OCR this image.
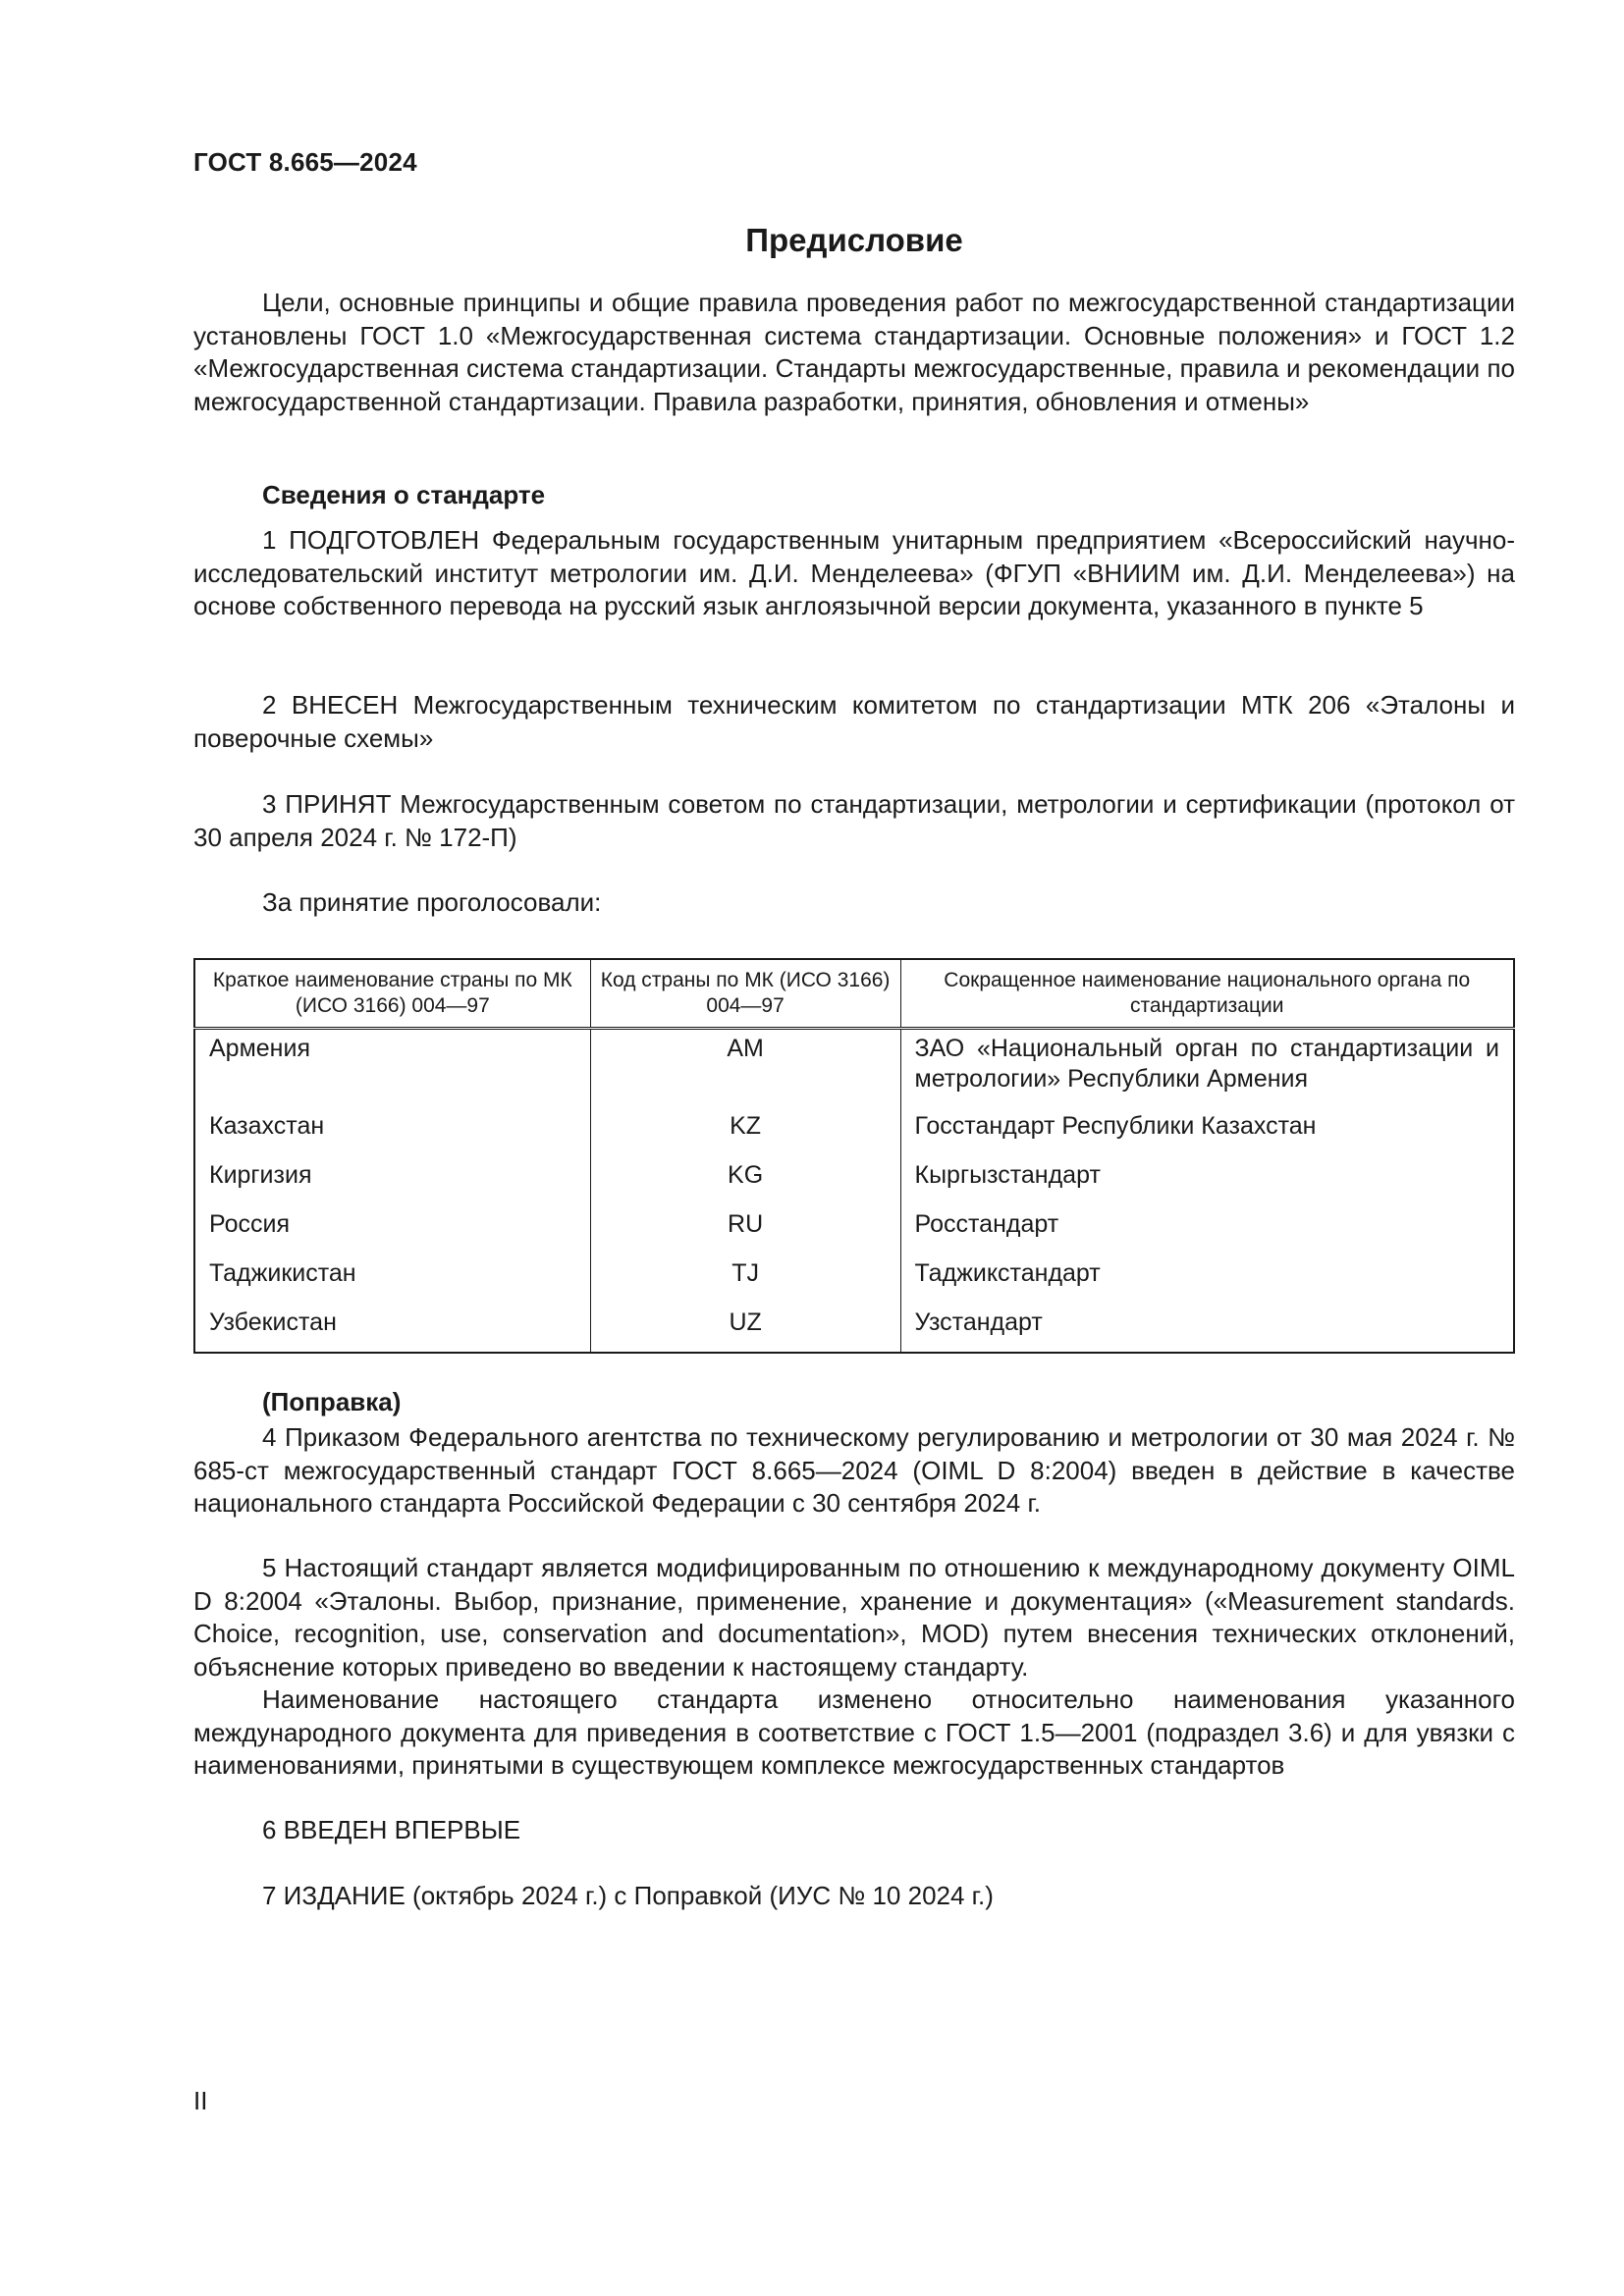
ГОСТ 8.665—2024
Предисловие

Цели, основные принципы и общие правила проведения работ по межгосударственной стандартизации установлены ГОСТ 1.0 «Межгосударственная система стандартизации. Основные положения» и ГОСТ 1.2 «Межгосударственная система стандартизации. Стандарты межгосударственные, правила и рекомендации по межгосударственной стандартизации. Правила разработки, принятия, обновления и отмены»

Сведения о стандарте

1 ПОДГОТОВЛЕН Федеральным государственным унитарным предприятием «Всероссийский научно-исследовательский институт метрологии им. Д.И. Менделеева» (ФГУП «ВНИИМ им. Д.И. Менделеева») на основе собственного перевода на русский язык англоязычной версии документа, указанного в пункте 5

2 ВНЕСЕН Межгосударственным техническим комитетом по стандартизации МТК 206 «Эталоны и поверочные схемы»

3 ПРИНЯТ Межгосударственным советом по стандартизации, метрологии и сертификации (протокол от 30 апреля 2024 г. № 172-П)

За принятие проголосовали:

Краткое наименование страны по МК (ИСО 3166) 004—97	Код страны по МК (ИСО 3166) 004—97	Сокращенное наименование национального органа по стандартизации
Армения	AM	ЗАО «Национальный орган по стандартизации и метрологии» Республики Армения
Казахстан	KZ	Госстандарт Республики Казахстан
Киргизия	KG	Кыргызстандарт
Россия	RU	Росстандарт
Таджикистан	TJ	Таджикстандарт
Узбекистан	UZ	Узстандарт
(Поправка)

4 Приказом Федерального агентства по техническому регулированию и метрологии от 30 мая 2024 г. № 685-ст межгосударственный стандарт ГОСТ 8.665—2024 (OIML D 8:2004) введен в действие в качестве национального стандарта Российской Федерации с 30 сентября 2024 г.

5 Настоящий стандарт является модифицированным по отношению к международному документу OIML D 8:2004 «Эталоны. Выбор, признание, применение, хранение и документация» («Measurement standards. Choice, recognition, use, conservation and documentation», MOD) путем внесения технических отклонений, объяснение которых приведено во введении к настоящему стандарту.

Наименование настоящего стандарта изменено относительно наименования указанного международного документа для приведения в соответствие с ГОСТ 1.5—2001 (подраздел 3.6) и для увязки с наименованиями, принятыми в существующем комплексе межгосударственных стандартов

6 ВВЕДЕН ВПЕРВЫЕ

7 ИЗДАНИЕ (октябрь 2024 г.) с Поправкой (ИУС № 10 2024 г.)

II
